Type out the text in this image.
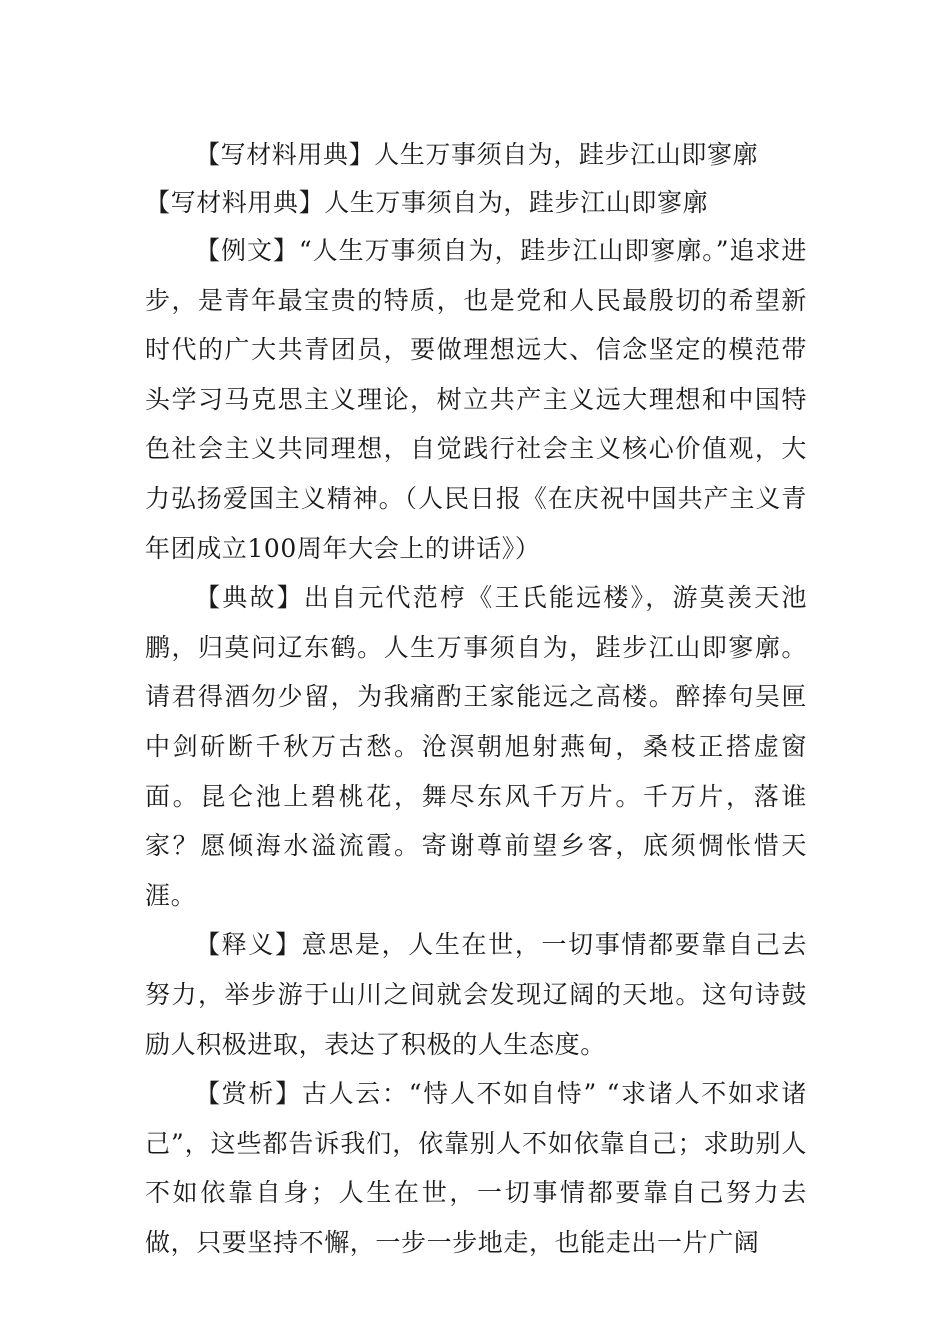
【写材料用典】人生万事须自为，跬步江山即寥廓
【写材料用典】人生万事须自为，跬步江山即寥廓

【例文】“人生万事须自为，跬步江山即寥廓。”追求进步，是青年最宝贵的特质，也是党和人民最殷切的希望新时代的广大共青团员，要做理想远大、信念坚定的模范带头学习马克思主义理论，树立共产主义远大理想和中国特色社会主义共同理想，自觉践行社会主义核心价值观，大力弘扬爱国主义精神。（人民日报《在庆祝中国共产主义青年团成立100周年大会上的讲话》）

【典故】出自元代范梈《王氏能远楼》，游莫羡天池鹏，归莫问辽东鹤。人生万事须自为，跬步江山即寥廓。请君得酒勿少留，为我痛酌王家能远之高楼。醉捧句吴匣中剑斫断千秋万古愁。沧溟朝旭射燕甸，桑枝正搭虚窗面。昆仑池上碧桃花，舞尽东风千万片。千万片，落谁家？愿倾海水溢流霞。寄谢尊前望乡客，底须惆怅惜天涯。

【释义】意思是，人生在世，一切事情都要靠自己去努力，举步游于山川之间就会发现辽阔的天地。这句诗鼓励人积极进取，表达了积极的人生态度。

【赏析】古人云：“恃人不如自恃” “求诸人不如求诸己”，这些都告诉我们，依靠别人不如依靠自己；求助别人不如依靠自身；人生在世，一切事情都要靠自己努力去做，只要坚持不懈，一步一步地走，也能走出一片广阔
